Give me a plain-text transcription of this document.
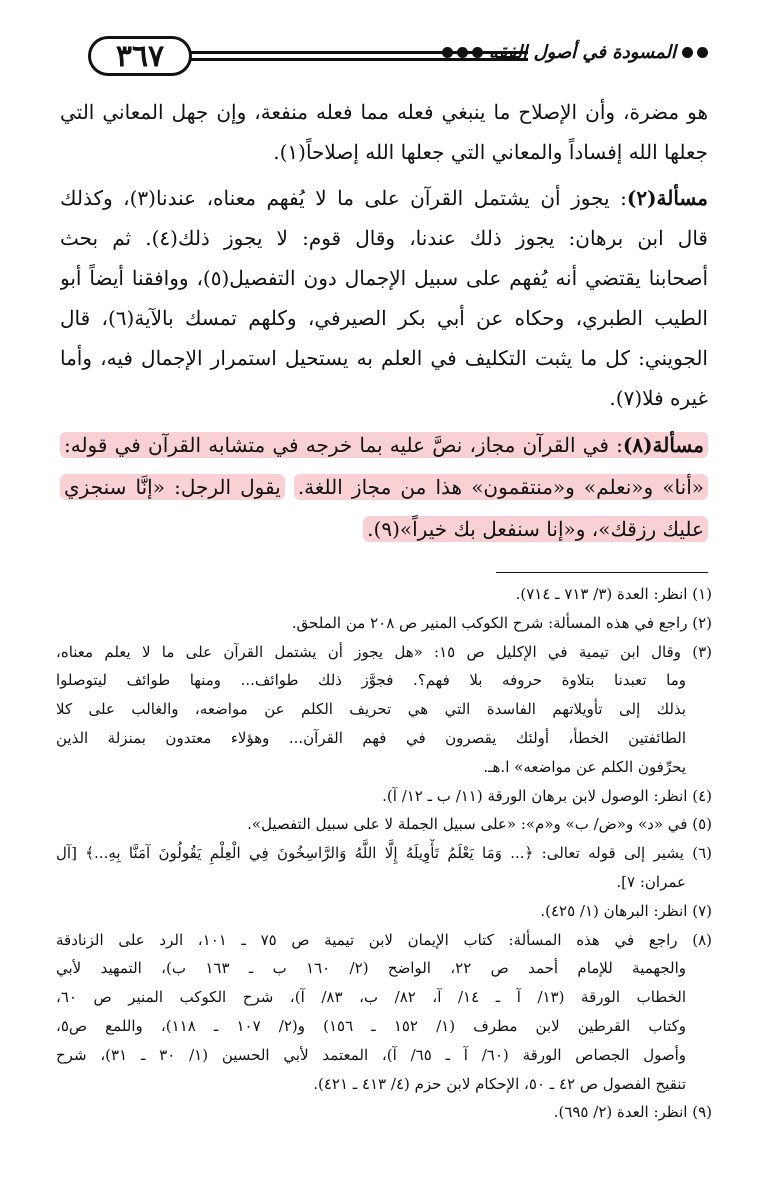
٣٦٧	المسودة في أصول الفقه
هو مضرة، وأن الإصلاح ما ينبغي فعله مما فعله منفعة، وإن جهل المعاني التي
جعلها الله إفساداً والمعاني التي جعلها الله إصلاحاً(١).
مسألة(٢): يجوز أن يشتمل القرآن على ما لا يُفهم معناه، عندنا(٣)، وكذلك
قال ابن برهان: يجوز ذلك عندنا، وقال قوم: لا يجوز ذلك(٤). ثم بحث
أصحابنا يقتضي أنه يُفهم على سبيل الإجمال دون التفصيل(٥)، ووافقنا أيضاً أبو
الطيب الطبري، وحكاه عن أبي بكر الصيرفي، وكلهم تمسك بالآية(٦)، قال
الجويني: كل ما يثبت التكليف في العلم به يستحيل استمرار الإجمال فيه، وأما
غيره فلا(٧).
مسألة(٨): في القرآن مجاز، نصَّ عليه بما خرجه في متشابه القرآن في قوله:
«أنا» و«نعلم» و«منتقمون» هذا من مجاز اللغة. يقول الرجل: «إنَّا سنجزي
عليك رزقك»، و«إنا سنفعل بك خيراً»(٩).
(١) انظر: العدة (٣/ ٧١٣ ـ ٧١٤).
(٢) راجع في هذه المسألة: شرح الكوكب المنير ص ٢٠٨ من الملحق.
(٣) وقال ابن تيمية في الإكليل ص ١٥: «هل يجوز أن يشتمل القرآن على ما لا يعلم معناه،
وما تعبدنا بتلاوة حروفه بلا فهم؟. فجوَّز ذلك طوائف... ومنها طوائف ليتوصلوا
بذلك إلى تأويلاتهم الفاسدة التي هي تحريف الكلم عن مواضعه، والغالب على كلا
الطائفتين الخطأ، أولئك يقصرون في فهم القرآن... وهؤلاء معتدون بمنزلة الذين
يحرِّفون الكلم عن مواضعه» ا.هـ.
(٤) انظر: الوصول لابن برهان الورقة (١١/ ب ـ ١٢/ آ).
(٥) في «د» و«ض/ ب» و«م»: «على سبيل الجملة لا على سبيل التفصيل».
(٦) يشير إلى قوله تعالى: ﴿... وَمَا يَعْلَمُ تَأْوِيلَهُ إِلَّا اللَّهُ وَالرَّاسِخُونَ فِي الْعِلْمِ يَقُولُونَ آمَنَّا بِهِ...﴾ [آل
عمران: ٧].
(٧) انظر: البرهان (١/ ٤٢٥).
(٨) راجع في هذه المسألة: كتاب الإيمان لابن تيمية ص ٧٥ ـ ١٠١، الرد على الزنادقة
والجهمية للإمام أحمد ص ٢٢، الواضح (٢/ ١٦٠ ب ـ ١٦٣ ب)، التمهيد لأبي
الخطاب الورقة (١٣/ آ ـ ١٤/ آ، ٨٢/ ب، ٨٣/ آ)، شرح الكوكب المنير ص ٦٠،
وكتاب القرطين لابن مطرف (١/ ١٥٢ ـ ١٥٦) و(٢/ ١٠٧ ـ ١١٨)، واللمع ص٥،
وأصول الجصاص الورقة (٦٠/ آ ـ ٦٥/ آ)، المعتمد لأبي الحسين (١/ ٣٠ ـ ٣١)، شرح
تنقيح الفصول ص ٤٢ ـ ٥٠، الإحكام لابن حزم (٤/ ٤١٣ ـ ٤٢١).
(٩) انظر: العدة (٢/ ٦٩٥).
